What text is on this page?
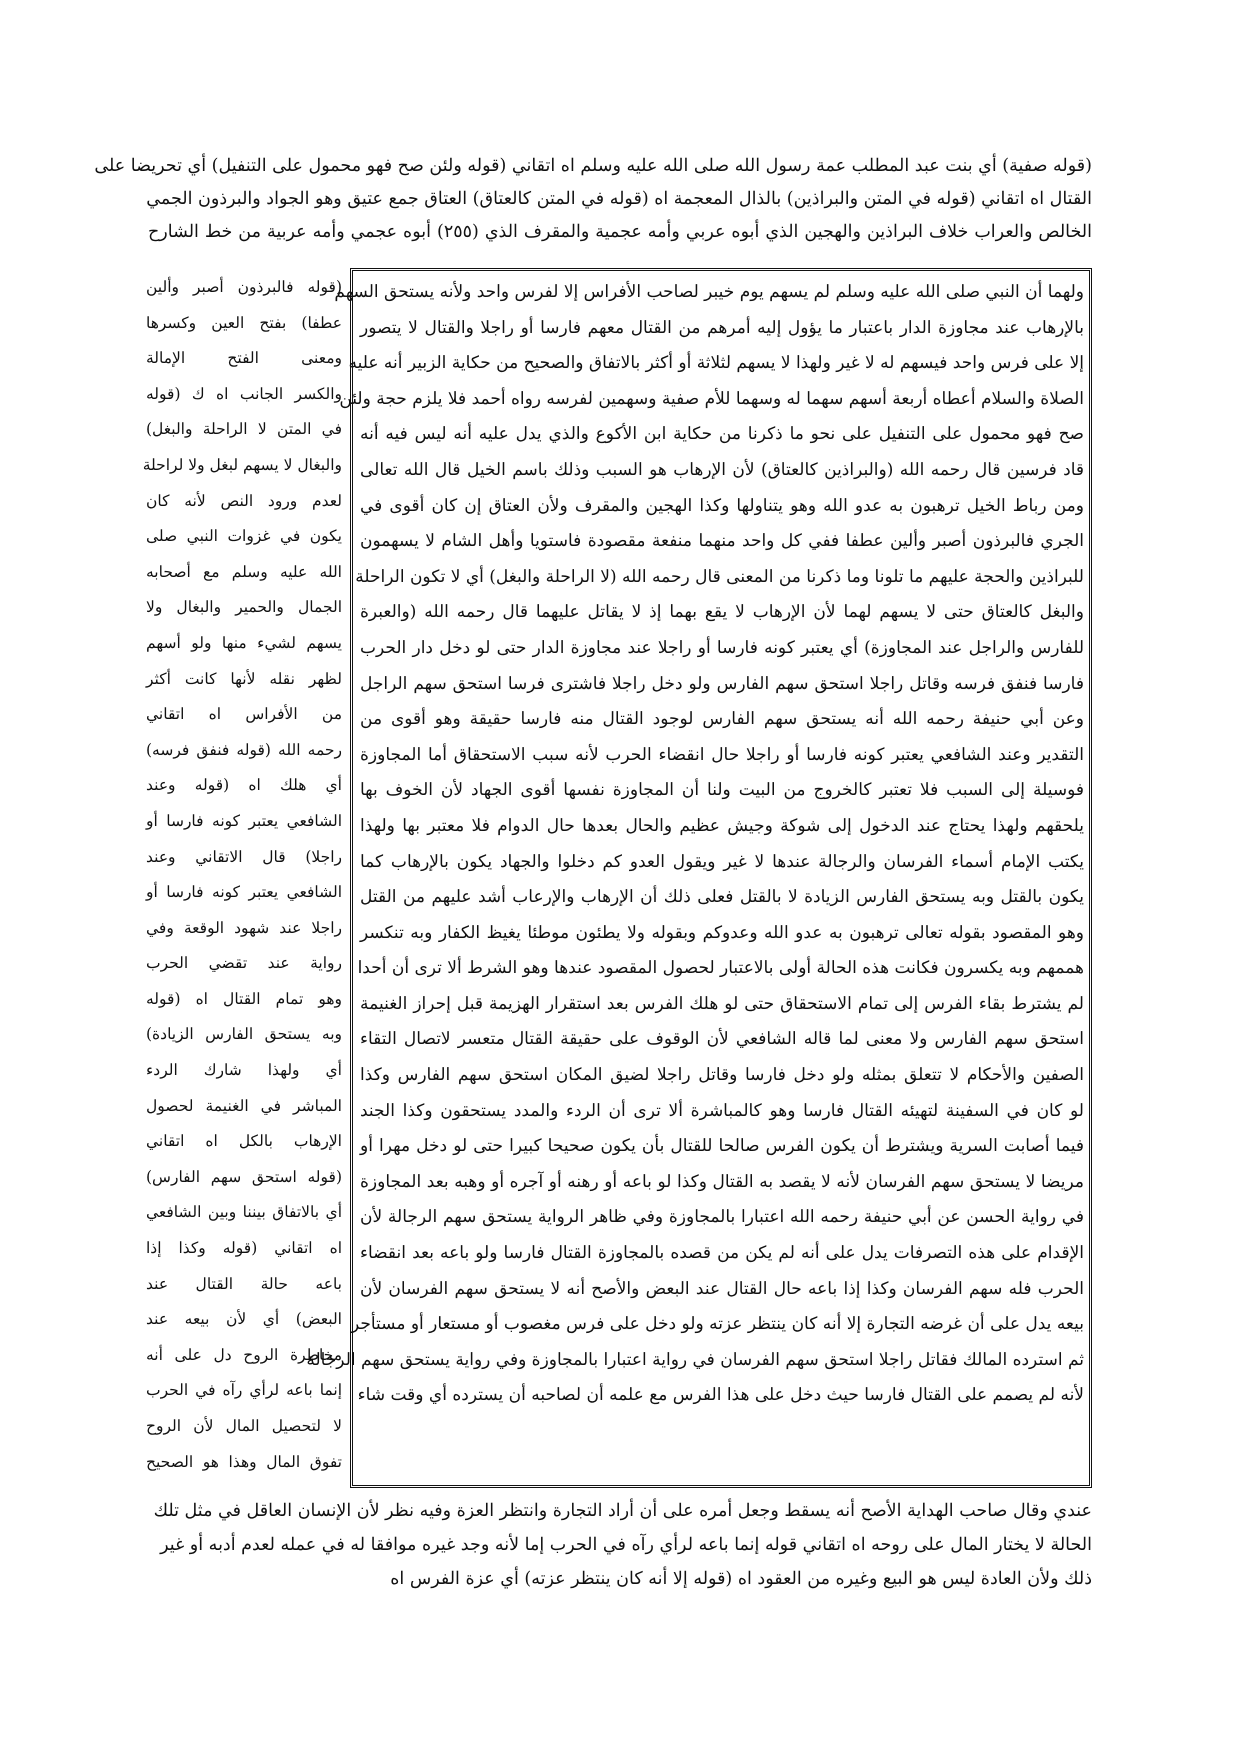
(قوله صفية) أي بنت عبد المطلب عمة رسول الله صلى الله عليه وسلم اه اتقاني (قوله ولئن صح فهو محمول على التنفيل) أي تحريضا على

القتال اه اتقاني (قوله في المتن والبراذين) بالذال المعجمة اه (قوله في المتن كالعتاق) العتاق جمع عتيق وهو الجواد والبرذون الجمي

الخالص والعراب خلاف البراذين والهجين الذي أبوه عربي وأمه عجمية والمقرف الذي (٢٥٥) أبوه عجمي وأمه عربية من خط الشارح

ولهما أن النبي صلى الله عليه وسلم لم يسهم يوم خيبر لصاحب الأفراس إلا لفرس واحد ولأنه يستحق السهم

بالإرهاب عند مجاوزة الدار باعتبار ما يؤول إليه أمرهم من القتال معهم فارسا أو راجلا والقتال لا يتصور

إلا على فرس واحد فيسهم له لا غير ولهذا لا يسهم لثلاثة أو أكثر بالاتفاق والصحيح من حكاية الزبير أنه عليه

الصلاة والسلام أعطاه أربعة أسهم سهما له وسهما للأم صفية وسهمين لفرسه رواه أحمد فلا يلزم حجة ولئن

صح فهو محمول على التنفيل على نحو ما ذكرنا من حكاية ابن الأكوع والذي يدل عليه أنه ليس فيه أنه

قاد فرسين قال رحمه الله (والبراذين كالعتاق) لأن الإرهاب هو السبب وذلك باسم الخيل قال الله تعالى

ومن رباط الخيل ترهبون به عدو الله وهو يتناولها وكذا الهجين والمقرف ولأن العتاق إن كان أقوى في

الجري فالبرذون أصبر وألين عطفا ففي كل واحد منهما منفعة مقصودة فاستويا وأهل الشام لا يسهمون

للبراذين والحجة عليهم ما تلونا وما ذكرنا من المعنى قال رحمه الله (لا الراحلة والبغل) أي لا تكون الراحلة

والبغل كالعتاق حتى لا يسهم لهما لأن الإرهاب لا يقع بهما إذ لا يقاتل عليهما قال رحمه الله (والعبرة

للفارس والراجل عند المجاوزة) أي يعتبر كونه فارسا أو راجلا عند مجاوزة الدار حتى لو دخل دار الحرب

فارسا فنفق فرسه وقاتل راجلا استحق سهم الفارس ولو دخل راجلا فاشترى فرسا استحق سهم الراجل

وعن أبي حنيفة رحمه الله أنه يستحق سهم الفارس لوجود القتال منه فارسا حقيقة وهو أقوى من

التقدير وعند الشافعي يعتبر كونه فارسا أو راجلا حال انقضاء الحرب لأنه سبب الاستحقاق أما المجاوزة

فوسيلة إلى السبب فلا تعتبر كالخروج من البيت ولنا أن المجاوزة نفسها أقوى الجهاد لأن الخوف بها

يلحقهم ولهذا يحتاج عند الدخول إلى شوكة وجيش عظيم والحال بعدها حال الدوام فلا معتبر بها ولهذا

يكتب الإمام أسماء الفرسان والرجالة عندها لا غير ويقول العدو كم دخلوا والجهاد يكون بالإرهاب كما

يكون بالقتل وبه يستحق الفارس الزيادة لا بالقتل فعلى ذلك أن الإرهاب والإرعاب أشد عليهم من القتل

وهو المقصود بقوله تعالى ترهبون به عدو الله وعدوكم وبقوله ولا يطئون موطئا يغيظ الكفار وبه تنكسر

هممهم وبه يكسرون فكانت هذه الحالة أولى بالاعتبار لحصول المقصود عندها وهو الشرط ألا ترى أن أحدا

لم يشترط بقاء الفرس إلى تمام الاستحقاق حتى لو هلك الفرس بعد استقرار الهزيمة قبل إحراز الغنيمة

استحق سهم الفارس ولا معنى لما قاله الشافعي لأن الوقوف على حقيقة القتال متعسر لاتصال التقاء

الصفين والأحكام لا تتعلق بمثله ولو دخل فارسا وقاتل راجلا لضيق المكان استحق سهم الفارس وكذا

لو كان في السفينة لتهيئه القتال فارسا وهو كالمباشرة ألا ترى أن الردء والمدد يستحقون وكذا الجند

فيما أصابت السرية ويشترط أن يكون الفرس صالحا للقتال بأن يكون صحيحا كبيرا حتى لو دخل مهرا أو

مريضا لا يستحق سهم الفرسان لأنه لا يقصد به القتال وكذا لو باعه أو رهنه أو آجره أو وهبه بعد المجاوزة

في رواية الحسن عن أبي حنيفة رحمه الله اعتبارا بالمجاوزة وفي ظاهر الرواية يستحق سهم الرجالة لأن

الإقدام على هذه التصرفات يدل على أنه لم يكن من قصده بالمجاوزة القتال فارسا ولو باعه بعد انقضاء

الحرب فله سهم الفرسان وكذا إذا باعه حال القتال عند البعض والأصح أنه لا يستحق سهم الفرسان لأن

بيعه يدل على أن غرضه التجارة إلا أنه كان ينتظر عزته ولو دخل على فرس مغصوب أو مستعار أو مستأجر

ثم استرده المالك فقاتل راجلا استحق سهم الفرسان في رواية اعتبارا بالمجاوزة وفي رواية يستحق سهم الرجالة

لأنه لم يصمم على القتال فارسا حيث دخل على هذا الفرس مع علمه أن لصاحبه أن يسترده أي وقت شاء

(قوله فالبرذون أصبر وألين

عطفا) بفتح العين وكسرها

ومعنى الفتح الإمالة

والكسر الجانب اه ك (قوله

في المتن لا الراحلة والبغل)

والبغال لا يسهم لبغل ولا لراحلة

لعدم ورود النص لأنه كان

يكون في غزوات النبي صلى

الله عليه وسلم مع أصحابه

الجمال والحمير والبغال ولا

يسهم لشيء منها ولو أسهم

لظهر نقله لأنها كانت أكثر

من الأفراس اه اتقاني

رحمه الله (قوله فنفق فرسه)

أي هلك اه (قوله وعند

الشافعي يعتبر كونه فارسا أو

راجلا) قال الاتقاني وعند

الشافعي يعتبر كونه فارسا أو

راجلا عند شهود الوقعة وفي

رواية عند تقضي الحرب

وهو تمام القتال اه (قوله

وبه يستحق الفارس الزيادة)

أي ولهذا شارك الردء

المباشر في الغنيمة لحصول

الإرهاب بالكل اه اتقاني

(قوله استحق سهم الفارس)

أي بالاتفاق بيننا وبين الشافعي

اه اتقاني (قوله وكذا إذا

باعه حالة القتال عند

البعض) أي لأن بيعه عند

مخاطرة الروح دل على أنه

إنما باعه لرأي رآه في الحرب

لا لتحصيل المال لأن الروح

تفوق المال وهذا هو الصحيح

عندي وقال صاحب الهداية الأصح أنه يسقط وجعل أمره على أن أراد التجارة وانتظر العزة وفيه نظر لأن الإنسان العاقل في مثل تلك

الحالة لا يختار المال على روحه اه اتقاني قوله إنما باعه لرأي رآه في الحرب إما لأنه وجد غيره موافقا له في عمله لعدم أدبه أو غير

ذلك ولأن العادة ليس هو البيع وغيره من العقود اه (قوله إلا أنه كان ينتظر عزته) أي عزة الفرس اه
